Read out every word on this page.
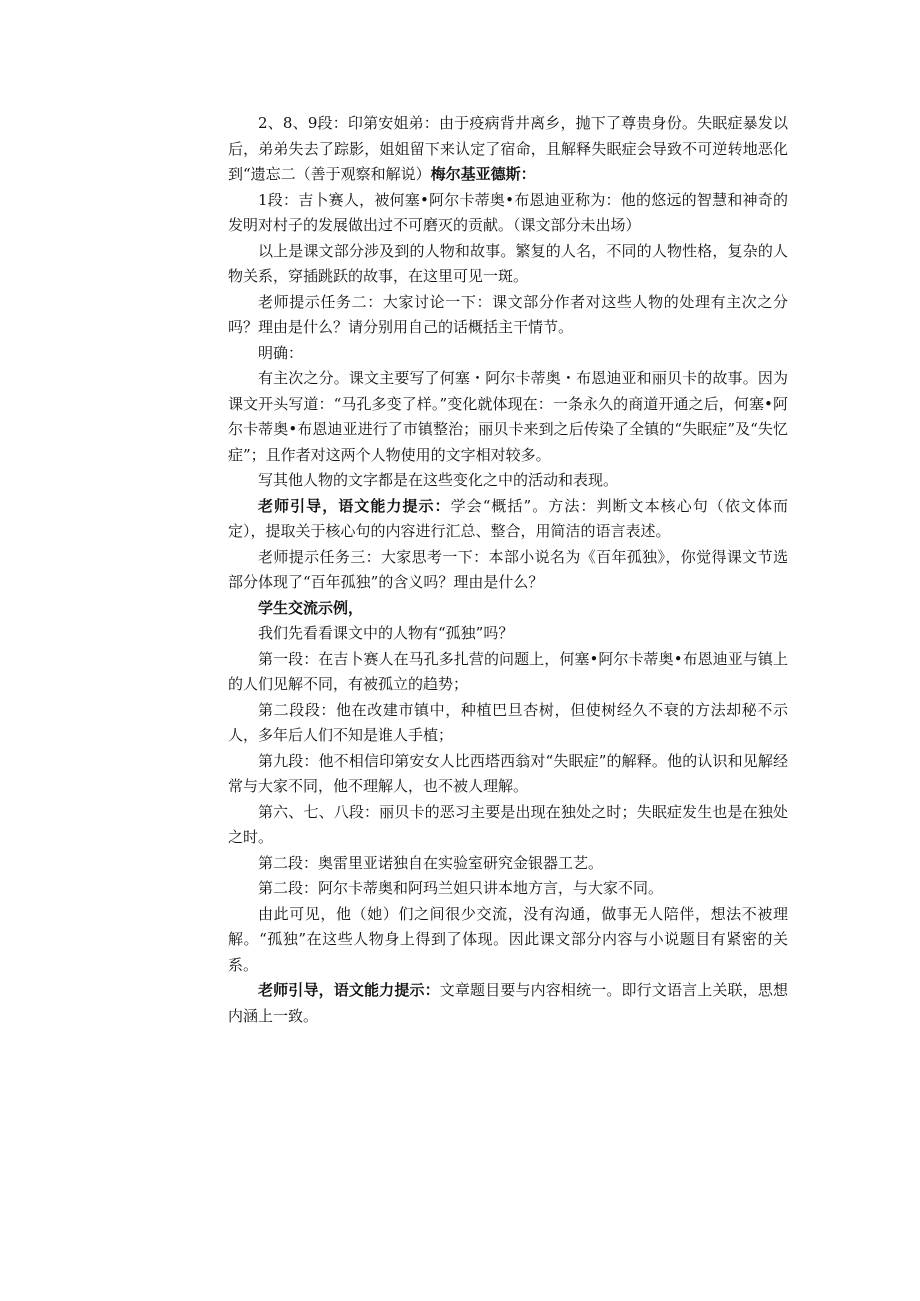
2、8、9段：印第安姐弟：由于疫病背井离乡，抛下了尊贵身份。失眠症暴发以后，弟弟失去了踪影，姐姐留下来认定了宿命，且解释失眠症会导致不可逆转地恶化到“遗忘二（善于观察和解说）梅尔基亚德斯：

1段：吉卜赛人，被何塞•阿尔卡蒂奥•布恩迪亚称为：他的悠远的智慧和神奇的发明对村子的发展做出过不可磨灭的贡献。（课文部分未出场）

以上是课文部分涉及到的人物和故事。繁复的人名，不同的人物性格，复杂的人物关系，穿插跳跃的故事，在这里可见一斑。

老师提示任务二：大家讨论一下：课文部分作者对这些人物的处理有主次之分吗？理由是什么？请分别用自己的话概括主干情节。

明确：

有主次之分。课文主要写了何塞・阿尔卡蒂奥・布恩迪亚和丽贝卡的故事。因为课文开头写道：“马孔多变了样。”变化就体现在：一条永久的商道开通之后，何塞•阿尔卡蒂奥•布恩迪亚进行了市镇整治；丽贝卡来到之后传染了全镇的“失眠症”及“失忆症”；且作者对这两个人物使用的文字相对较多。

写其他人物的文字都是在这些变化之中的活动和表现。

老师引导，语文能力提示：学会“概括”。方法：判断文本核心句（依文体而定），提取关于核心句的内容进行汇总、整合，用简洁的语言表述。

老师提示任务三：大家思考一下：本部小说名为《百年孤独》，你觉得课文节选部分体现了“百年孤独”的含义吗？理由是什么？

学生交流示例，

我们先看看课文中的人物有“孤独”吗？

第一段：在吉卜赛人在马孔多扎营的问题上，何塞•阿尔卡蒂奥•布恩迪亚与镇上的人们见解不同，有被孤立的趋势；

第二段段：他在改建市镇中，种植巴旦杏树，但使树经久不衰的方法却秘不示人，多年后人们不知是谁人手植；

第九段：他不相信印第安女人比西塔西翁对“失眠症”的解释。他的认识和见解经常与大家不同，他不理解人，也不被人理解。

第六、七、八段：丽贝卡的恶习主要是出现在独处之时；失眠症发生也是在独处之时。

第二段：奥雷里亚诺独自在实验室研究金银器工艺。

第二段：阿尔卡蒂奥和阿玛兰妲只讲本地方言，与大家不同。

由此可见，他（她）们之间很少交流，没有沟通，做事无人陪伴，想法不被理解。“孤独”在这些人物身上得到了体现。因此课文部分内容与小说题目有紧密的关系。

老师引导，语文能力提示：文章题目要与内容相统一。即行文语言上关联，思想内涵上一致。
